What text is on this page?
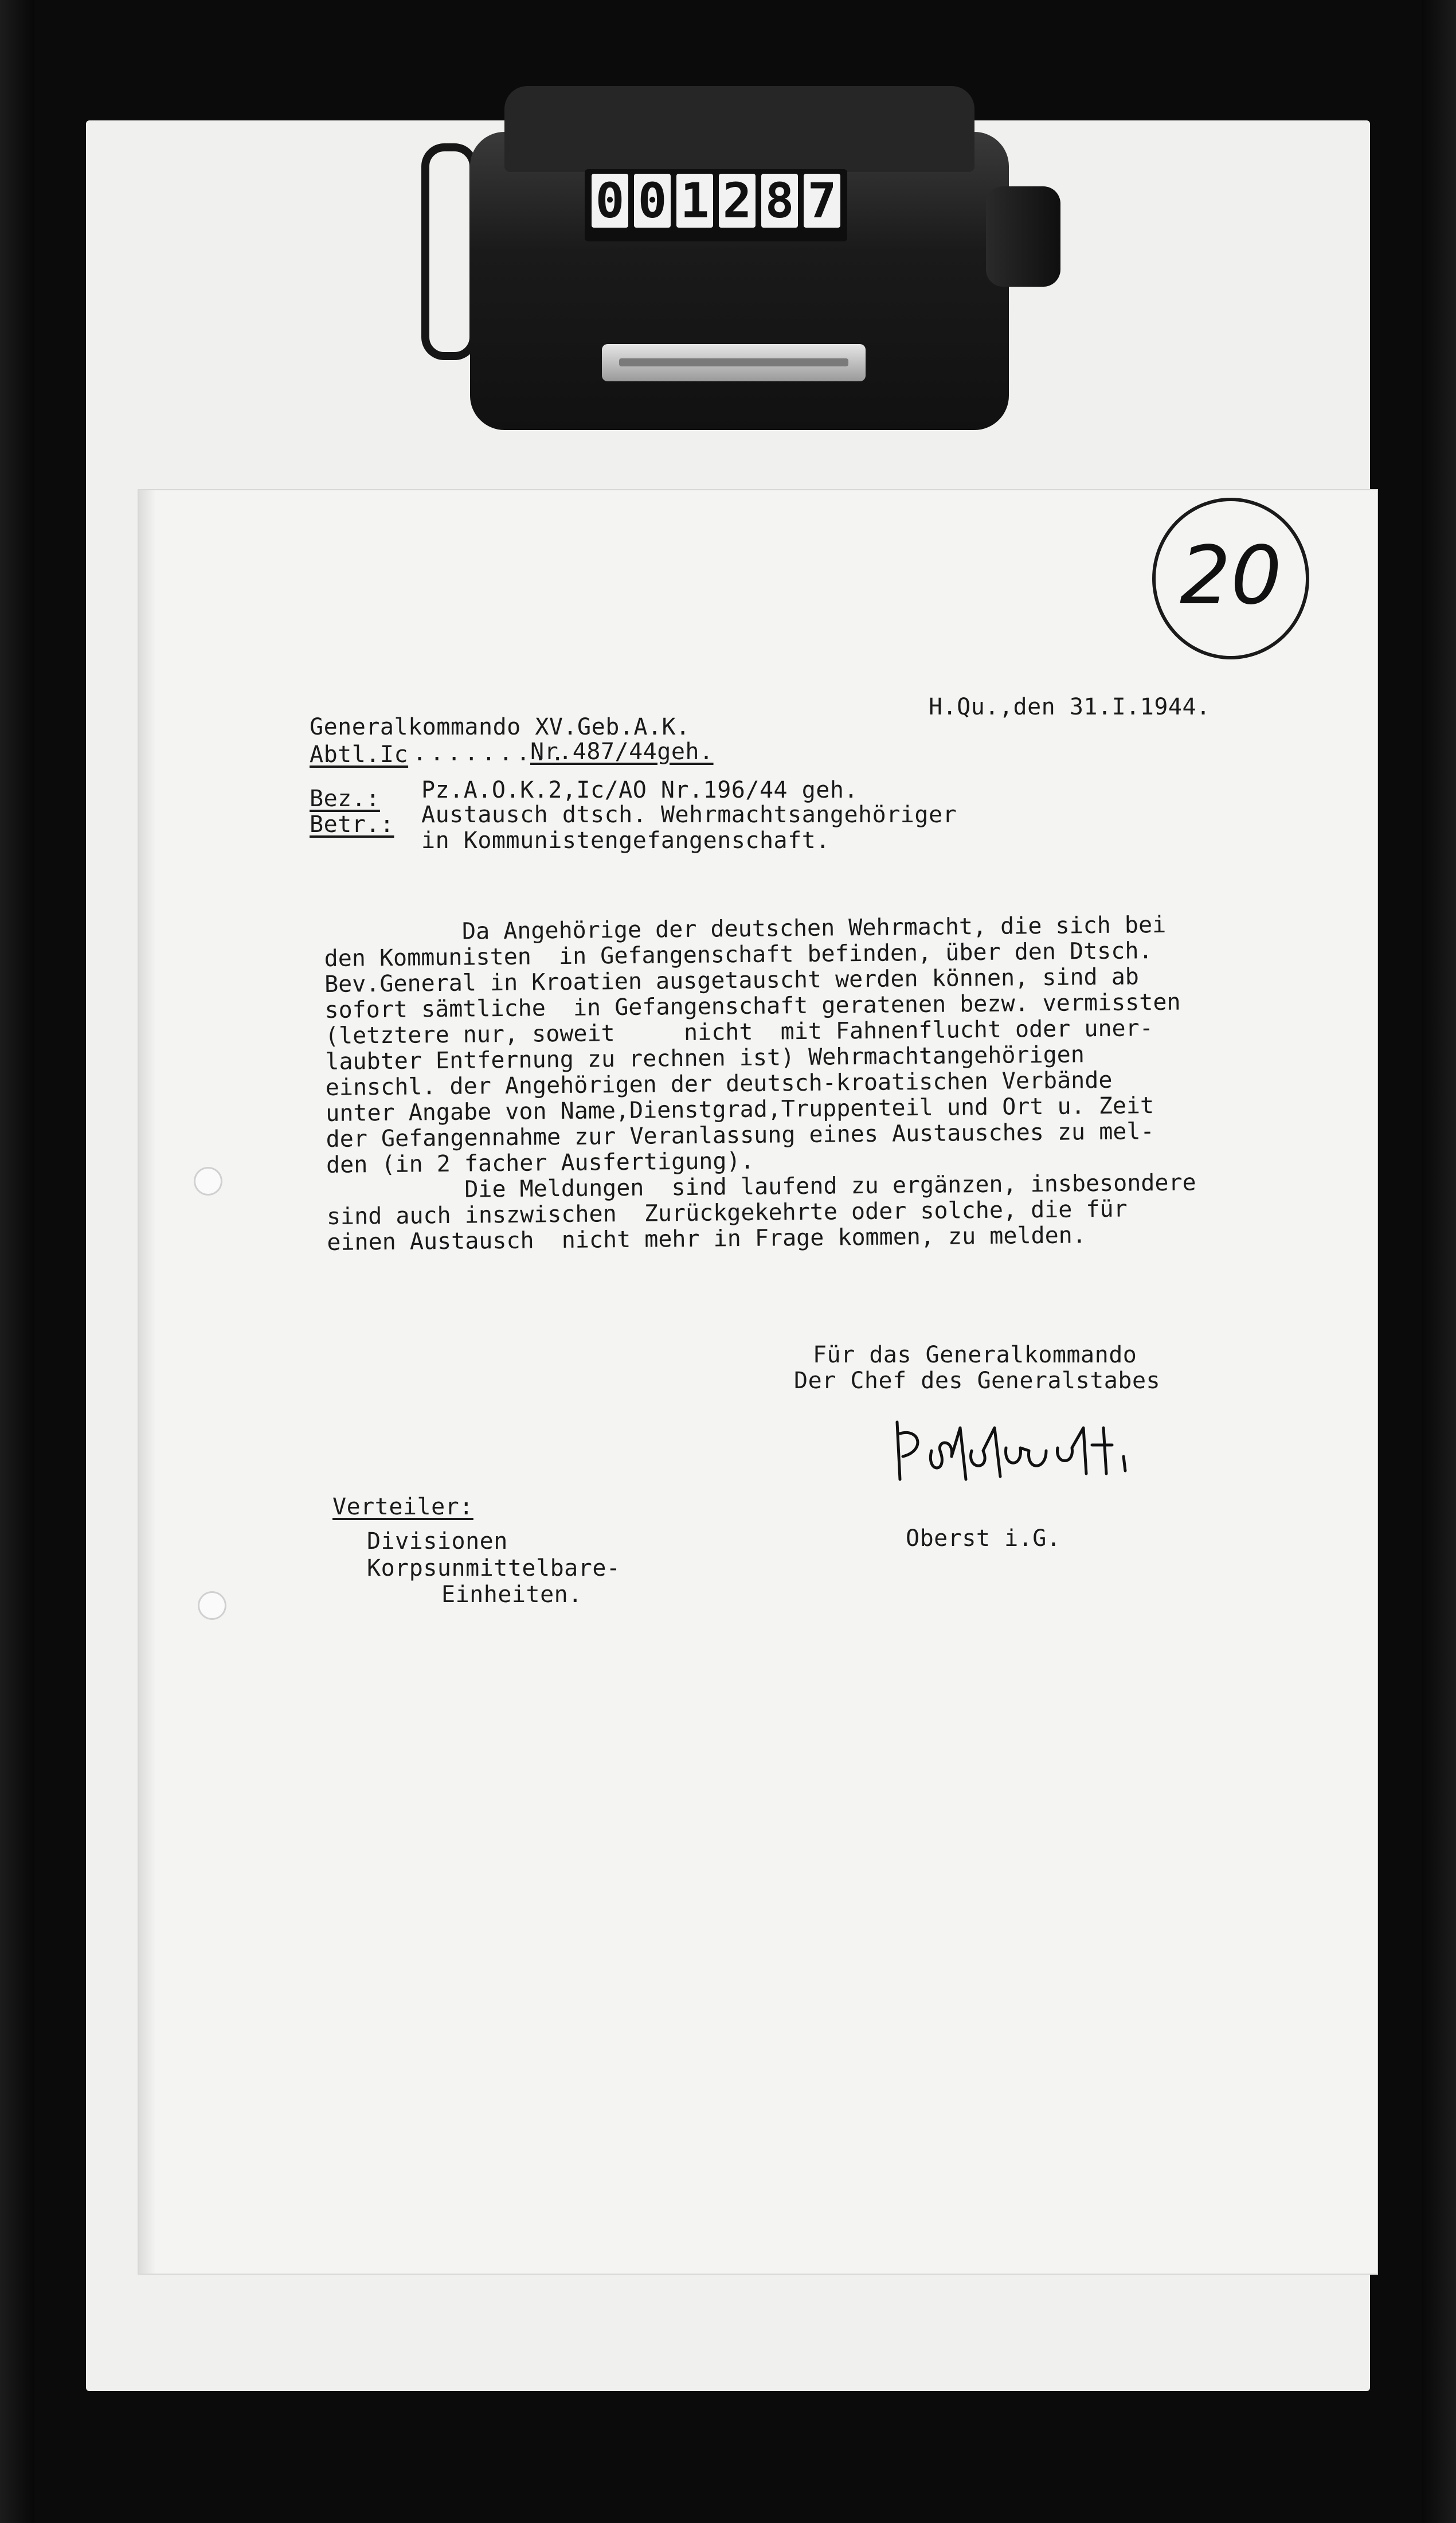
0 0 1 2 8 7
20
Generalkommando XV.Geb.A.K.
H.Qu.,den 31.I.1944.
Abtl.Ic .........
Nr.487/44geh.
Bez.: Pz.A.O.K.2,Ic/AO Nr.196/44 geh.
Betr.: Austausch dtsch. Wehrmachtsangehöriger
in Kommunistengefangenschaft.
Da Angehörige der deutschen Wehrmacht, die sich bei
den Kommunisten  in Gefangenschaft befinden, über den Dtsch.
Bev.General in Kroatien ausgetauscht werden können, sind ab
sofort sämtliche  in Gefangenschaft geratenen bezw. vermissten
(letztere nur, soweit     nicht  mit Fahnenflucht oder uner-
laubter Entfernung zu rechnen ist) Wehrmachtangehörigen
einschl. der Angehörigen der deutsch-kroatischen Verbände
unter Angabe von Name,Dienstgrad,Truppenteil und Ort u. Zeit
der Gefangennahme zur Veranlassung eines Austausches zu mel-
den (in 2 facher Ausfertigung).
Die Meldungen  sind laufend zu ergänzen, insbesondere
sind auch inszwischen  Zurückgekehrte oder solche, die für
einen Austausch  nicht mehr in Frage kommen, zu melden.
Für das Generalkommando
Der Chef des Generalstabes
Oberst i.G.
Verteiler:
Divisionen
Korpsunmittelbare-
Einheiten.
